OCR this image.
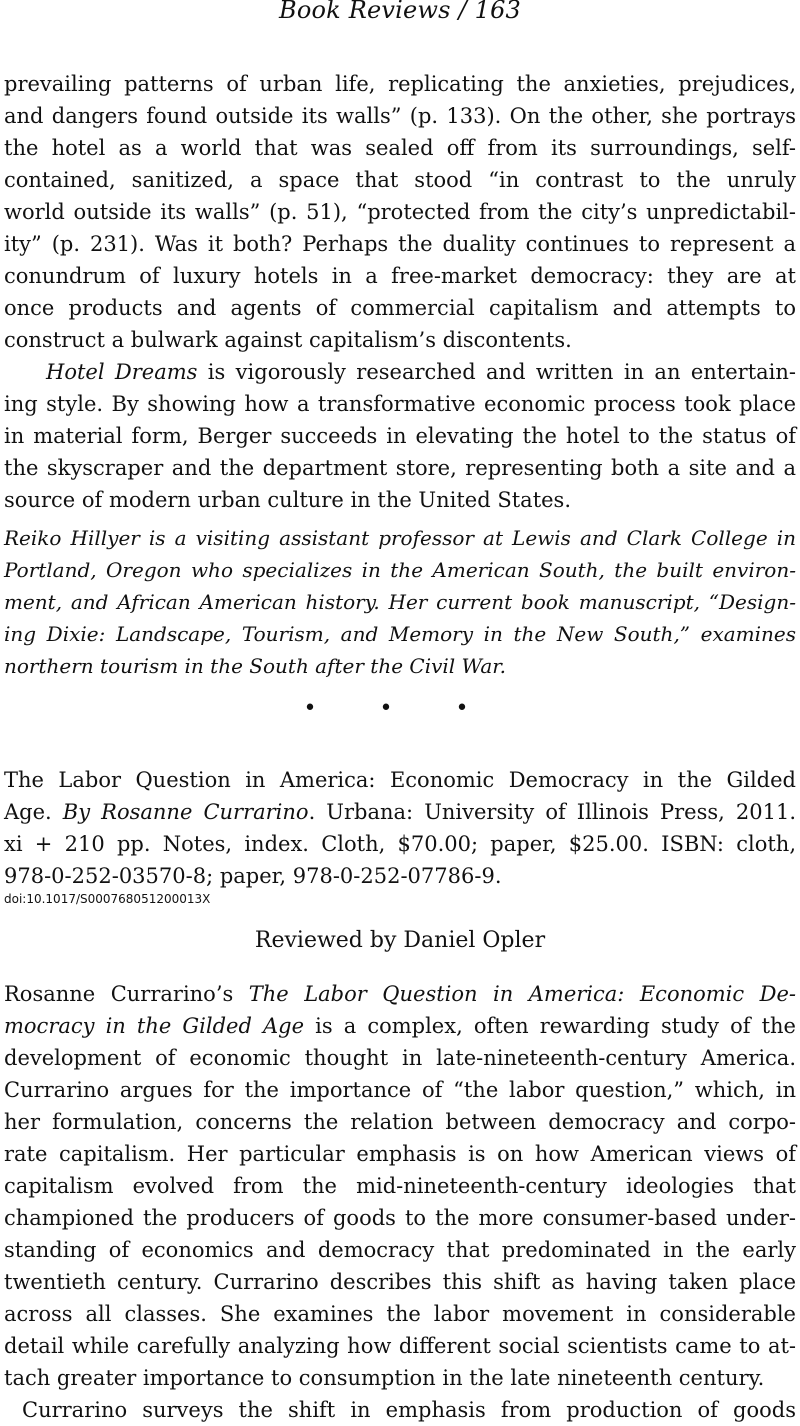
Book Reviews / 163
prevailing patterns of urban life, replicating the anxieties, prejudices,
and dangers found outside its walls” (p. 133). On the other, she portrays
the hotel as a world that was sealed off from its surroundings, self-
contained, sanitized, a space that stood “in contrast to the unruly
world outside its walls” (p. 51), “protected from the city’s unpredictabil-
ity” (p. 231). Was it both? Perhaps the duality continues to represent a
conundrum of luxury hotels in a free-market democracy: they are at
once products and agents of commercial capitalism and attempts to
construct a bulwark against capitalism’s discontents.
Hotel Dreams is vigorously researched and written in an entertain-
ing style. By showing how a transformative economic process took place
in material form, Berger succeeds in elevating the hotel to the status of
the skyscraper and the department store, representing both a site and a
source of modern urban culture in the United States.
Reiko Hillyer is a visiting assistant professor at Lewis and Clark College in
Portland, Oregon who specializes in the American South, the built environ-
ment, and African American history. Her current book manuscript, “Design-
ing Dixie: Landscape, Tourism, and Memory in the New South,” examines
northern tourism in the South after the Civil War.
• • •
The Labor Question in America: Economic Democracy in the Gilded
Age. By Rosanne Currarino. Urbana: University of Illinois Press, 2011.
xi + 210 pp. Notes, index. Cloth, $70.00; paper, $25.00. ISBN: cloth,
978-0-252-03570-8; paper, 978-0-252-07786-9.
doi:10.1017/S000768051200013X
Reviewed by Daniel Opler
Rosanne Currarino’s The Labor Question in America: Economic De-
mocracy in the Gilded Age is a complex, often rewarding study of the
development of economic thought in late-nineteenth-century America.
Currarino argues for the importance of “the labor question,” which, in
her formulation, concerns the relation between democracy and corpo-
rate capitalism. Her particular emphasis is on how American views of
capitalism evolved from the mid-nineteenth-century ideologies that
championed the producers of goods to the more consumer-based under-
standing of economics and democracy that predominated in the early
twentieth century. Currarino describes this shift as having taken place
across all classes. She examines the labor movement in considerable
detail while carefully analyzing how different social scientists came to at-
tach greater importance to consumption in the late nineteenth century.
Currarino surveys the shift in emphasis from production of goods
